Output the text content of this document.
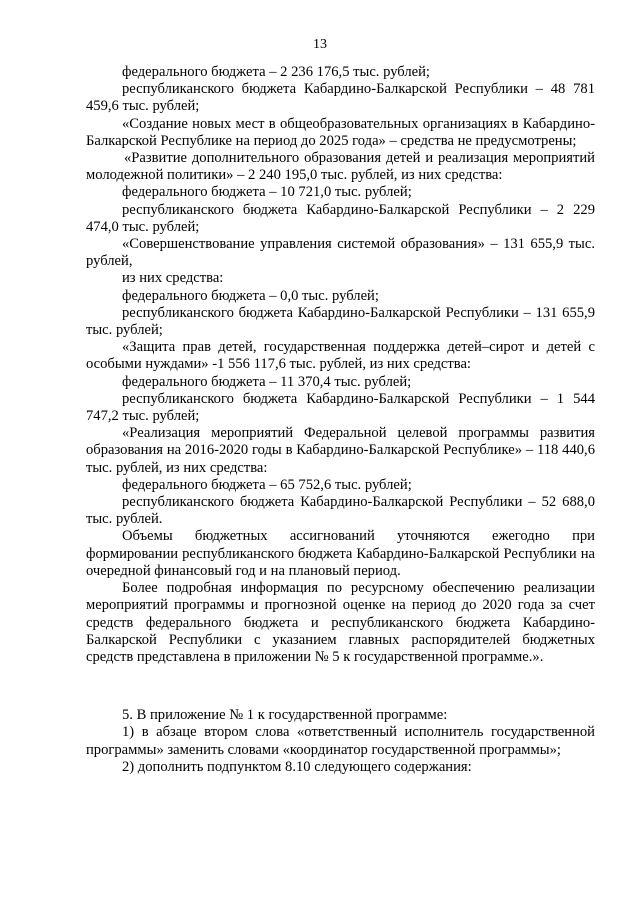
13

федерального бюджета – 2 236 176,5 тыс. рублей;

республиканского бюджета Кабардино-Балкарской Республики – 48 781 459,6 тыс. рублей;

«Создание новых мест в общеобразовательных организациях в Кабардино-Балкарской Республике на период до 2025 года» – средства не предусмотрены;

«Развитие дополнительного образования детей и реализация мероприятий молодежной политики» – 2 240 195,0 тыс. рублей, из них средства:

федерального бюджета – 10 721,0 тыс. рублей;

республиканского бюджета Кабардино-Балкарской Республики – 2 229 474,0 тыс. рублей;

«Совершенствование управления системой образования» – 131 655,9 тыс. рублей,

из них средства:

федерального бюджета – 0,0 тыс. рублей;

республиканского бюджета Кабардино-Балкарской Республики – 131 655,9 тыс. рублей;

«Защита прав детей, государственная поддержка детей–сирот и детей с особыми нуждами» -1 556 117,6 тыс. рублей, из них средства:

федерального бюджета – 11 370,4 тыс. рублей;

республиканского бюджета Кабардино-Балкарской Республики – 1 544 747,2 тыс. рублей;

«Реализация мероприятий Федеральной целевой программы развития образования на 2016-2020 годы в Кабардино-Балкарской Республике» – 118 440,6 тыс. рублей, из них средства:

федерального бюджета – 65 752,6 тыс. рублей;

республиканского бюджета Кабардино-Балкарской Республики – 52 688,0 тыс. рублей.

Объемы бюджетных ассигнований уточняются ежегодно при формировании республиканского бюджета Кабардино-Балкарской Республики на очередной финансовый год и на плановый период.

Более подробная информация по ресурсному обеспечению реализации мероприятий программы и прогнозной оценке на период до 2020 года за счет средств федерального бюджета и республиканского бюджета Кабардино-Балкарской Республики с указанием главных распорядителей бюджетных средств представлена в приложении № 5 к государственной программе.».

5. В приложение № 1 к государственной программе:

1) в абзаце втором слова «ответственный исполнитель государственной программы» заменить словами «координатор государственной программы»;

2) дополнить подпунктом 8.10 следующего содержания:
